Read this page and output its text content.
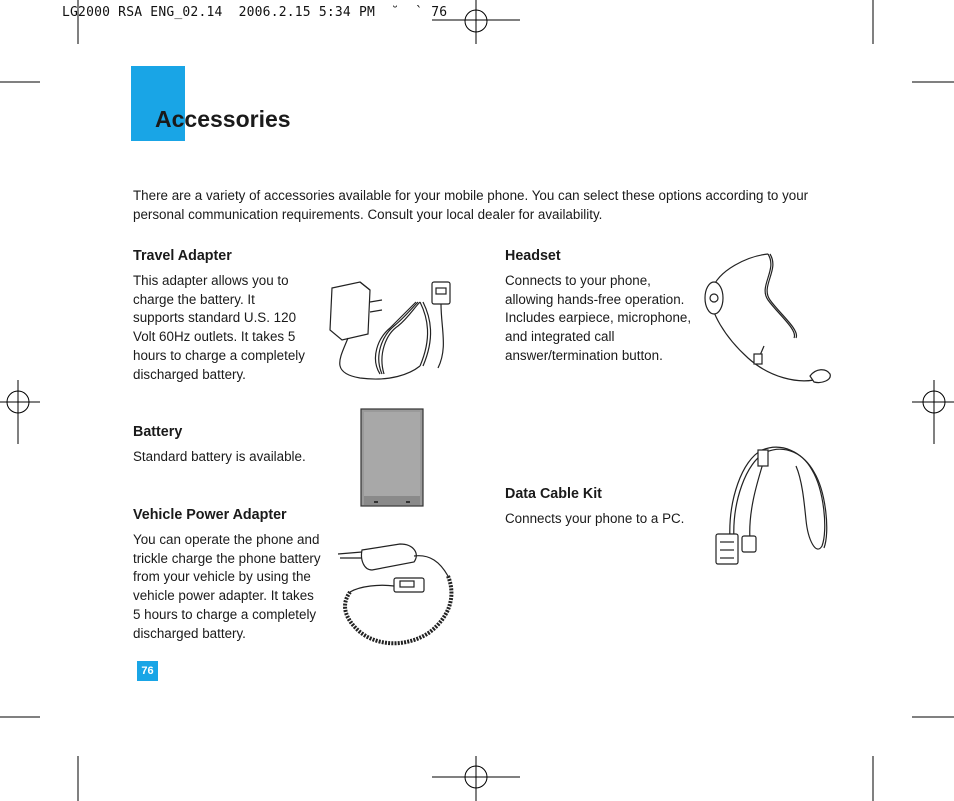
LG2000 RSA ENG_02.14  2006.2.15 5:34 PM  ˘  ` 76
Accessories
There are a variety of accessories available for your mobile phone. You can select these options according to your personal communication requirements. Consult your local dealer for availability.
Travel Adapter
This adapter allows you to
charge the battery. It
supports standard U.S. 120
Volt 60Hz outlets. It takes 5
hours to charge a completely
discharged battery.
Battery
Standard battery is available.
Vehicle Power Adapter
You can operate the phone and
trickle charge the phone battery
from your vehicle by using the
vehicle power adapter. It takes
5 hours to charge a completely
discharged battery.
Headset
Connects to your phone,
allowing hands-free operation.
Includes earpiece, microphone,
and integrated call
answer/termination button.
Data Cable Kit
Connects your phone to a PC.
76
